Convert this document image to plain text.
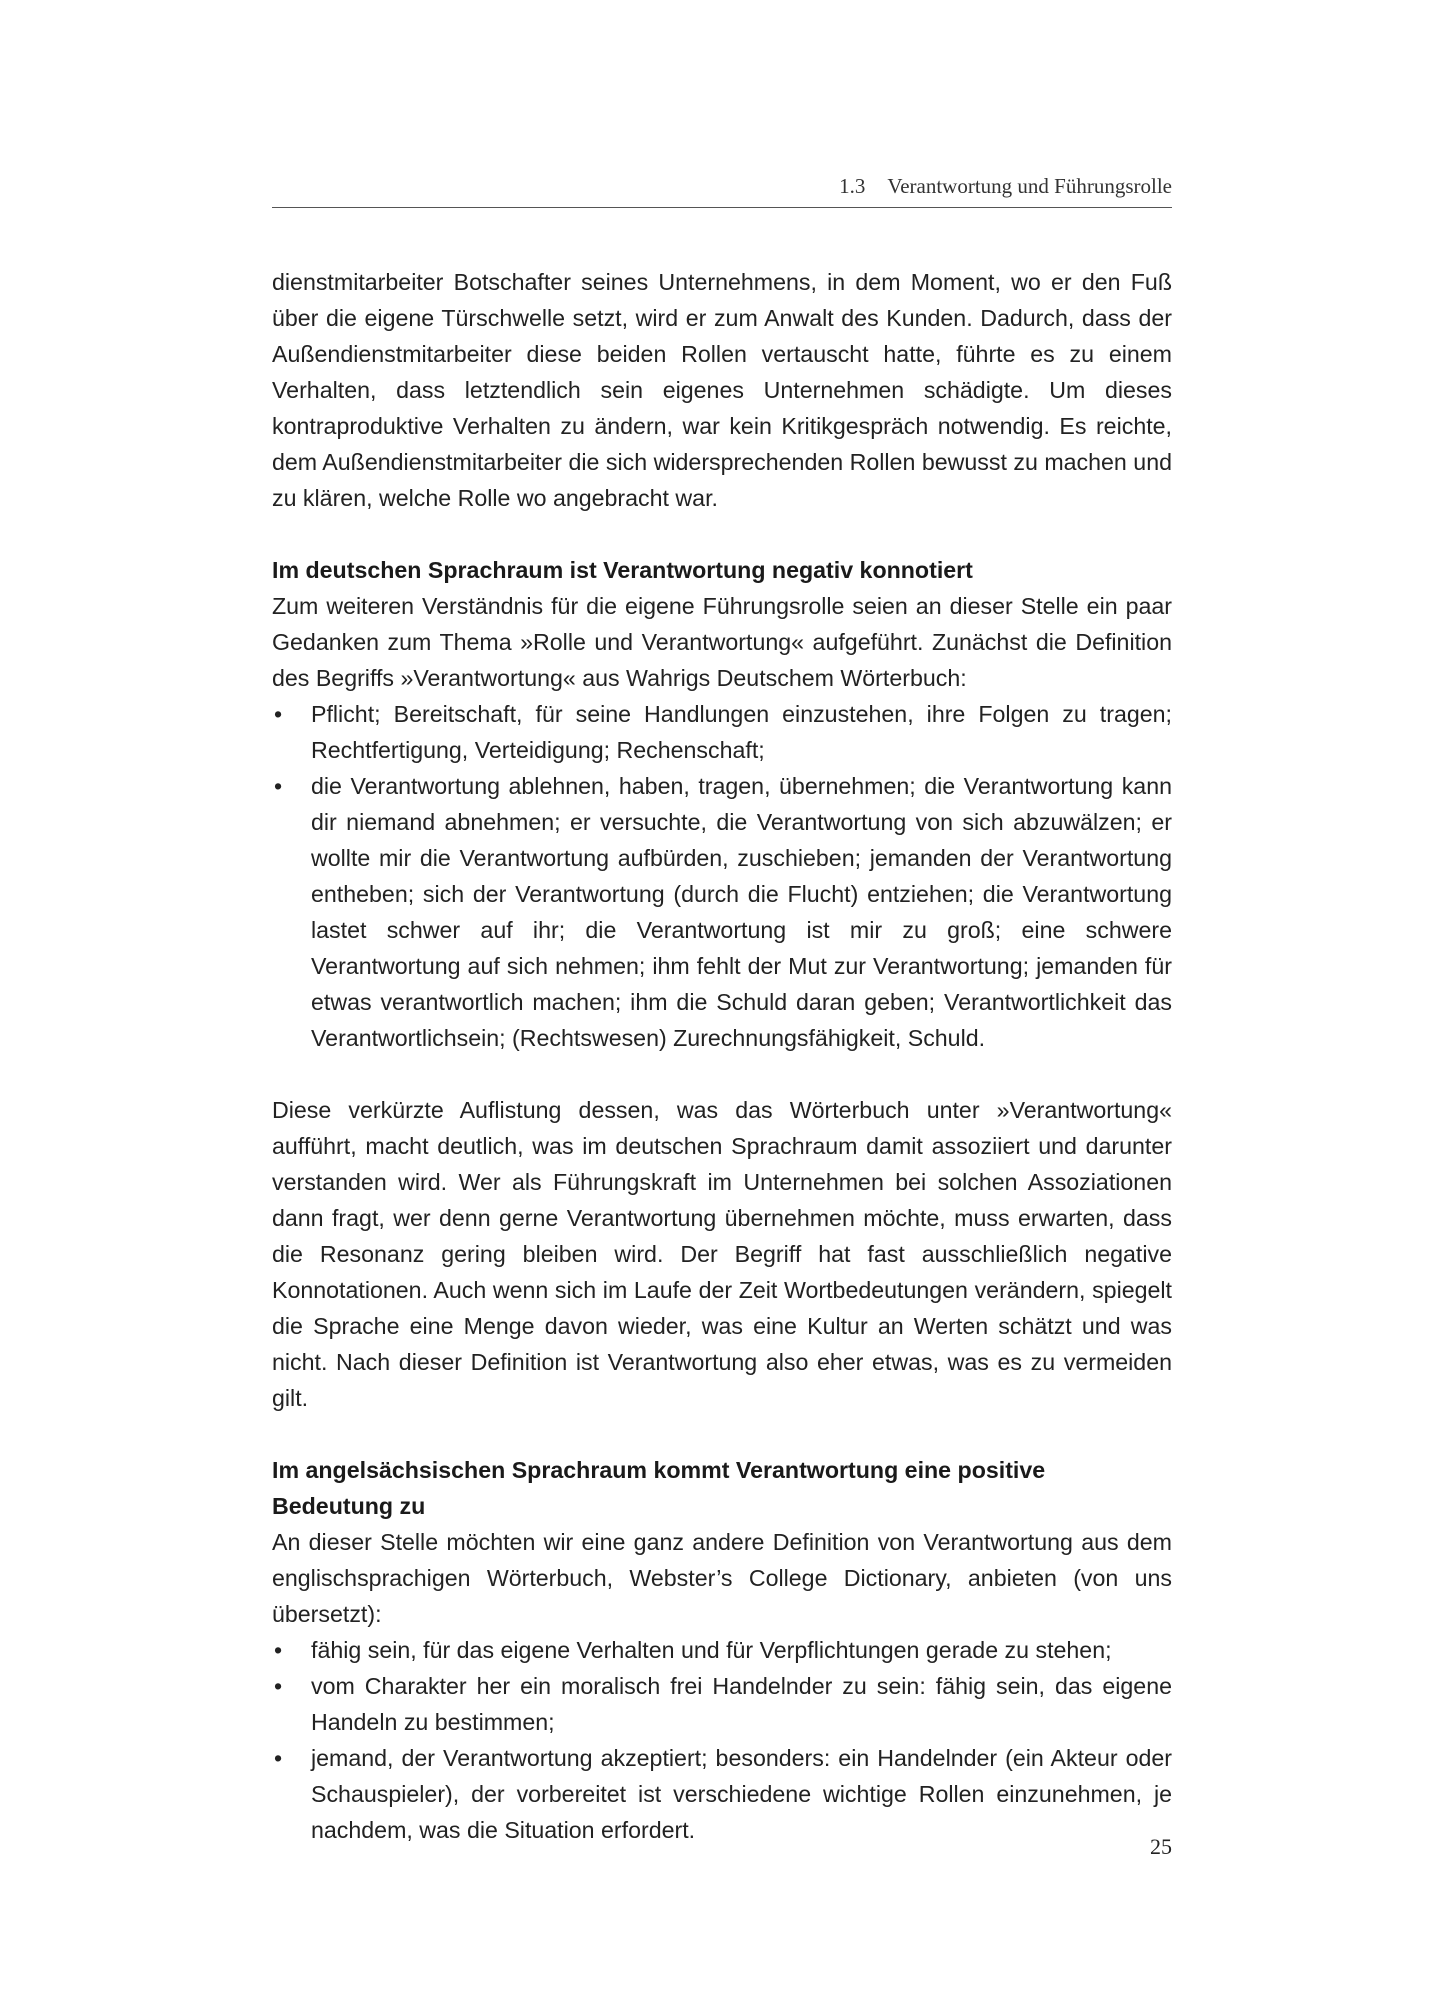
1.3 Verantwortung und Führungsrolle

dienstmitarbeiter Botschafter seines Unternehmens, in dem Moment, wo er den Fuß über die eigene Türschwelle setzt, wird er zum Anwalt des Kunden. Dadurch, dass der Außendienstmitarbeiter diese beiden Rollen vertauscht hatte, führte es zu einem Verhalten, dass letztendlich sein eigenes Unternehmen schädigte. Um dieses kontraproduktive Verhalten zu ändern, war kein Kritikgespräch notwendig. Es reichte, dem Außendienstmitarbeiter die sich widersprechenden Rollen bewusst zu machen und zu klären, welche Rolle wo angebracht war.

Im deutschen Sprachraum ist Verantwortung negativ konnotiert

Zum weiteren Verständnis für die eigene Führungsrolle seien an dieser Stelle ein paar Gedanken zum Thema »Rolle und Verantwortung« aufgeführt. Zunächst die Definition des Begriffs »Verantwortung« aus Wahrigs Deutschem Wörterbuch:

• Pflicht; Bereitschaft, für seine Handlungen einzustehen, ihre Folgen zu tragen; Rechtfertigung, Verteidigung; Rechenschaft;
• die Verantwortung ablehnen, haben, tragen, übernehmen; die Verantwortung kann dir niemand abnehmen; er versuchte, die Verantwortung von sich abzuwälzen; er wollte mir die Verantwortung aufbürden, zuschieben; jemanden der Verantwortung entheben; sich der Verantwortung (durch die Flucht) entziehen; die Verantwortung lastet schwer auf ihr; die Verantwortung ist mir zu groß; eine schwere Verantwortung auf sich nehmen; ihm fehlt der Mut zur Verantwortung; jemanden für etwas verantwortlich machen; ihm die Schuld daran geben; Verantwortlichkeit das Verantwortlichsein; (Rechtswesen) Zurechnungsfähigkeit, Schuld.

Diese verkürzte Auflistung dessen, was das Wörterbuch unter »Verantwortung« aufführt, macht deutlich, was im deutschen Sprachraum damit assoziiert und darunter verstanden wird. Wer als Führungskraft im Unternehmen bei solchen Assoziationen dann fragt, wer denn gerne Verantwortung übernehmen möchte, muss erwarten, dass die Resonanz gering bleiben wird. Der Begriff hat fast ausschließlich negative Konnotationen. Auch wenn sich im Laufe der Zeit Wortbedeutungen verändern, spiegelt die Sprache eine Menge davon wieder, was eine Kultur an Werten schätzt und was nicht. Nach dieser Definition ist Verantwortung also eher etwas, was es zu vermeiden gilt.

Im angelsächsischen Sprachraum kommt Verantwortung eine positive Bedeutung zu

An dieser Stelle möchten wir eine ganz andere Definition von Verantwortung aus dem englischsprachigen Wörterbuch, Webster’s College Dictionary, anbieten (von uns übersetzt):

• fähig sein, für das eigene Verhalten und für Verpflichtungen gerade zu stehen;
• vom Charakter her ein moralisch frei Handelnder zu sein: fähig sein, das eigene Handeln zu bestimmen;
• jemand, der Verantwortung akzeptiert; besonders: ein Handelnder (ein Akteur oder Schauspieler), der vorbereitet ist verschiedene wichtige Rollen einzunehmen, je nachdem, was die Situation erfordert.
25
